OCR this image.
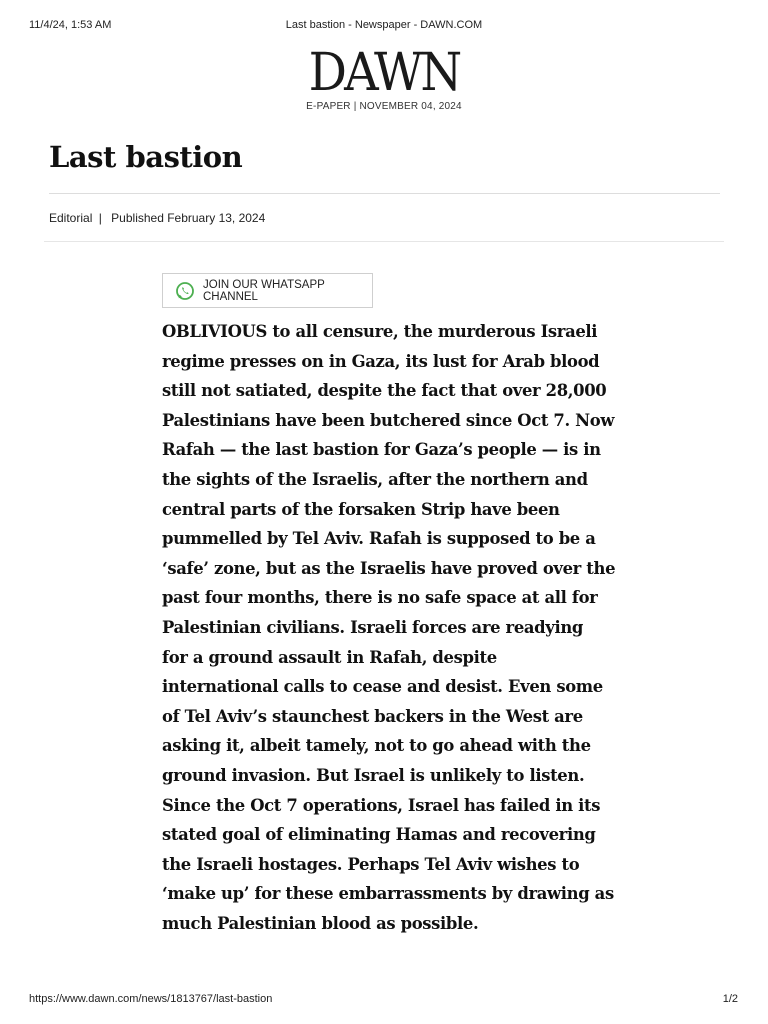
11/4/24, 1:53 AM	Last bastion - Newspaper - DAWN.COM
DAWN
E-PAPER | NOVEMBER 04, 2024
Last bastion
Editorial | Published February 13, 2024
JOIN OUR WHATSAPP CHANNEL

OBLIVIOUS to all censure, the murderous Israeli
regime presses on in Gaza, its lust for Arab blood
still not satiated, despite the fact that over 28,000
Palestinians have been butchered since Oct 7. Now
Rafah — the last bastion for Gaza’s people — is in
the sights of the Israelis, after the northern and
central parts of the forsaken Strip have been
pummelled by Tel Aviv. Rafah is supposed to be a
‘safe’ zone, but as the Israelis have proved over the
past four months, there is no safe space at all for
Palestinian civilians. Israeli forces are readying
for a ground assault in Rafah, despite
international calls to cease and desist. Even some
of Tel Aviv’s staunchest backers in the West are
asking it, albeit tamely, not to go ahead with the
ground invasion. But Israel is unlikely to listen.
Since the Oct 7 operations, Israel has failed in its
stated goal of eliminating Hamas and recovering
the Israeli hostages. Perhaps Tel Aviv wishes to
‘make up’ for these embarrassments by drawing as
much Palestinian blood as possible.

https://www.dawn.com/news/1813767/last-bastion	1/2
